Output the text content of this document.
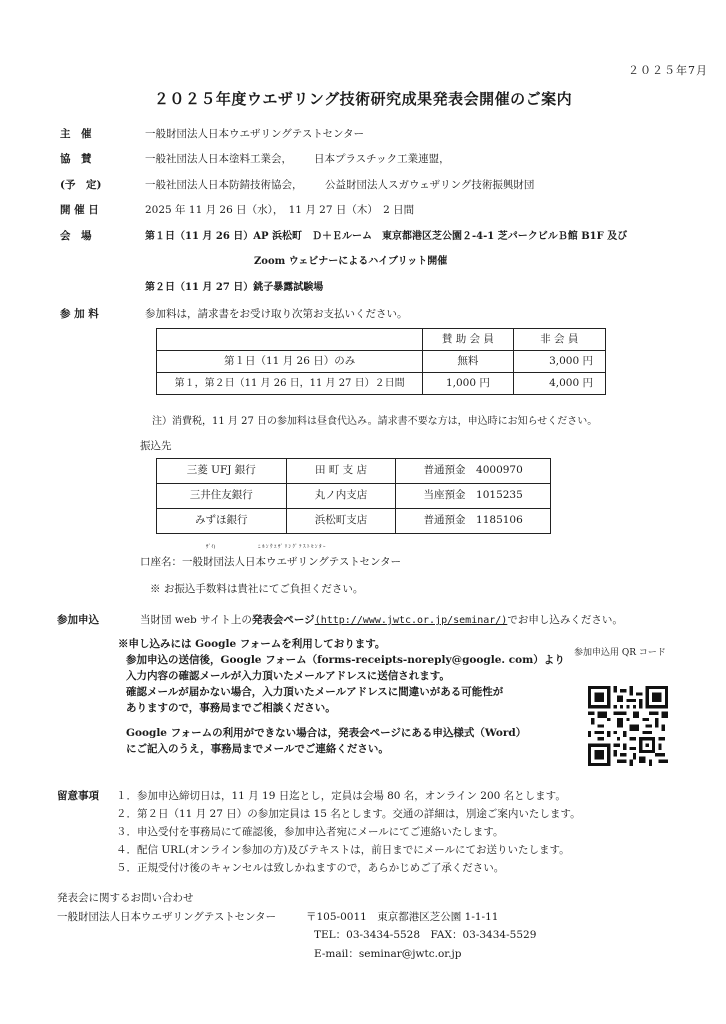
２０２５年7月
２０２５年度ウエザリング技術研究成果発表会開催のご案内
主　催	一般財団法人日本ウエザリングテストセンター
協　賛	一般社団法人日本塗料工業会， 日本プラスチック工業連盟，
(予　定)	一般社団法人日本防錆技術協会， 公益財団法人スガウェザリング技術振興財団
開 催 日	2025 年 11 月 26 日（水），　11 月 27 日（木）　2 日間
会　場	第１日（11 月 26 日）AP 浜松町　Ｄ＋Ｅルーム　東京都港区芝公園２-4-1 芝パークビルＢ館 B1F 及び
Zoom ウェビナーによるハイブリット開催
第２日（11 月 27 日）銚子暴露試験場
参 加 料	参加料は，請求書をお受け取り次第お支払いください。
	賛 助 会 員	非 会 員
第１日（11 月 26 日）のみ	無料	3,000 円
第１，第２日（11 月 26 日，11 月 27 日）２日間	1,000 円	4,000 円
注）消費税，11 月 27 日の参加料は昼食代込み。請求書不要な方は，申込時にお知らせください。
振込先
三菱 UFJ 銀行	田 町 支 店	普通預金　4000970
三井住友銀行	丸ノ内支店	当座預金　1015235
みずほ銀行	浜松町支店	普通預金　1185106
ｻﾞｲ)	ﾆﾎﾝｳｴｻﾞﾘﾝｸﾞﾃｽﾄｾﾝﾀｰ
口座名：一般財団法人日本ウエザリングテストセンター
※ お振込手数料は貴社にてご負担ください。
参加申込	当財団 web サイト上の発表会ページ(http://www.jwtc.or.jp/seminar/)でお申し込みください。
※申し込みには Google フォームを利用しております。
参加申込の送信後，Google フォーム（forms-receipts-noreply@google. com）より
入力内容の確認メールが入力頂いたメールアドレスに送信されます。
確認メールが届かない場合，入力頂いたメールアドレスに間違いがある可能性が
ありますので，事務局までご相談ください。
Google フォームの利用ができない場合は，発表会ページにある申込様式（Word）
にご記入のうえ，事務局までメールでご連絡ください。
参加申込用 QR コード
留意事項 １．参加申込締切日は，11 月 19 日迄とし，定員は会場 80 名，オンライン 200 名とします。
２．第２日（11 月 27 日）の参加定員は 15 名とします。交通の詳細は，別途ご案内いたします。
３．申込受付を事務局にて確認後，参加申込者宛にメールにてご連絡いたします。
４．配信 URL(オンライン参加の方)及びテキストは，前日までにメールにてお送りいたします。
５．正規受付け後のキャンセルは致しかねますので，あらかじめご了承ください。
発表会に関するお問い合わせ
一般財団法人日本ウエザリングテストセンター	〒105-0011　東京都港区芝公園 1-1-11
TEL：03-3434-5528　FAX：03-3434-5529
E-mail：seminar@jwtc.or.jp
